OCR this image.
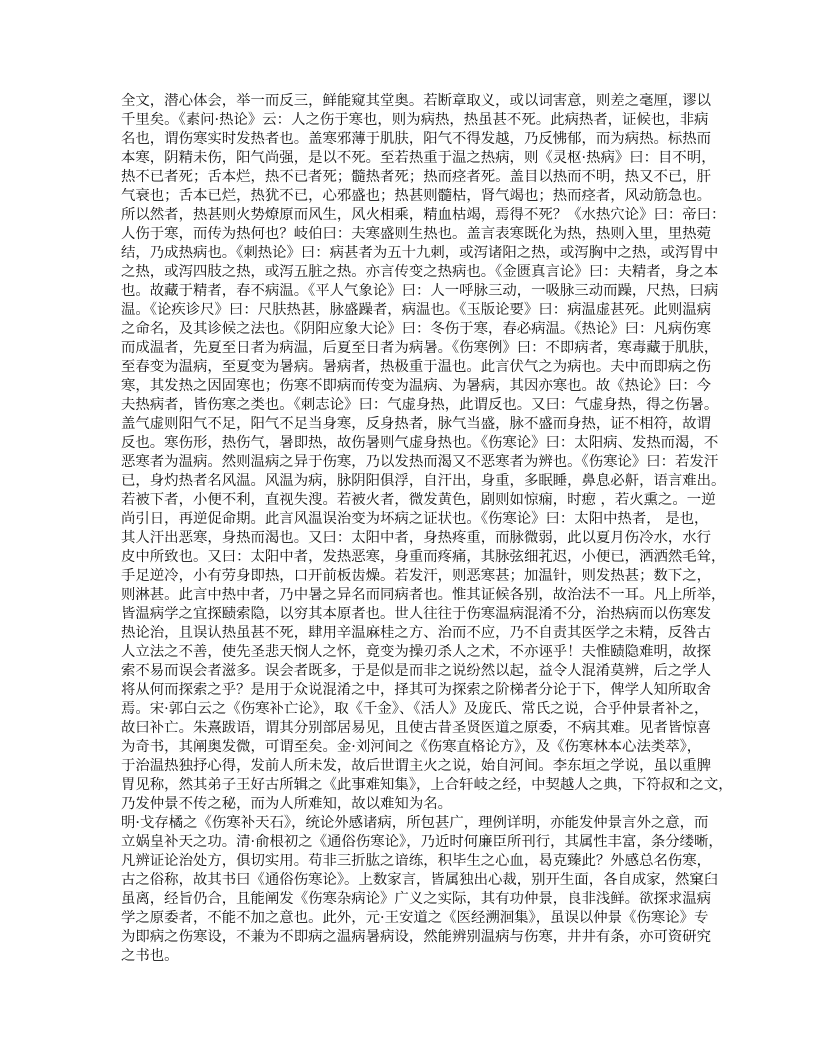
全文，潜心体会，举一而反三，鲜能窥其堂奥。若断章取义，或以词害意，则差之毫厘，谬以
千里矣。《素问·热论》云：人之伤于寒也，则为病热，热虽甚不死。此病热者，证候也，非病
名也，谓伤寒实时发热者也。盖寒邪薄于肌肤，阳气不得发越，乃反怫郁，而为病热。标热而
本寒，阴精未伤，阳气尚强，是以不死。至若热重于温之热病，则《灵枢·热病》曰：目不明，
热不已者死；舌本烂，热不已者死；髓热者死；热而痉者死。盖目以热而不明，热又不已，肝
气衰也；舌本已烂，热犹不已，心邪盛也；热甚则髓枯，肾气竭也；热而痉者，风动筋急也。
所以然者，热甚则火势燎原而风生，风火相乘，精血枯竭，焉得不死？《水热穴论》曰：帝曰：
人伤于寒，而传为热何也？岐伯曰：夫寒盛则生热也。盖言表寒既化为热，热则入里，里热菀
结，乃成热病也。《刺热论》曰：病甚者为五十九刺，或泻诸阳之热，或泻胸中之热，或泻胃中
之热，或泻四肢之热，或泻五脏之热。亦言传变之热病也。《金匮真言论》曰：夫精者，身之本
也。故藏于精者，春不病温。《平人气象论》曰：人一呼脉三动，一吸脉三动而躁，尺热，曰病
温。《论疾诊尺》曰：尺肤热甚，脉盛躁者，病温也。《玉版论要》曰：病温虚甚死。此则温病
之命名，及其诊候之法也。《阴阳应象大论》曰：冬伤于寒，春必病温。《热论》曰：凡病伤寒
而成温者，先夏至日者为病温，后夏至日者为病暑。《伤寒例》曰：不即病者，寒毒藏于肌肤，
至春变为温病，至夏变为暑病。暑病者，热极重于温也。此言伏气之为病也。夫中而即病之伤
寒，其发热之因固寒也；伤寒不即病而传变为温病、为暑病，其因亦寒也。故《热论》曰：今
夫热病者，皆伤寒之类也。《刺志论》曰：气虚身热，此谓反也。又曰：气虚身热，得之伤暑。
盖气虚则阳气不足，阳气不足当身寒，反身热者，脉气当盛，脉不盛而身热，证不相符，故谓
反也。寒伤形，热伤气，暑即热，故伤暑则气虚身热也。《伤寒论》曰：太阳病、发热而渴，不
恶寒者为温病。然则温病之异于伤寒，乃以发热而渴又不恶寒者为辨也。《伤寒论》曰：若发汗
已，身灼热者名风温。风温为病，脉阴阳俱浮，自汗出，身重，多眠睡，鼻息必鼾，语言难出。
若被下者，小便不利，直视失溲。若被火者，微发黄色，剧则如惊痫，时瘛 ，若火熏之。一逆
尚引日，再逆促命期。此言风温误治变为坏病之证状也。《伤寒论》曰：太阳中热者， 是也，
其人汗出恶寒，身热而渴也。又曰：太阳中者，身热疼重，而脉微弱，此以夏月伤冷水，水行
皮中所致也。又曰：太阳中者，发热恶寒，身重而疼痛，其脉弦细芤迟，小便已，洒洒然毛耸，
手足逆冷，小有劳身即热，口开前板齿燥。若发汗，则恶寒甚；加温针，则发热甚；数下之，
则淋甚。此言中热中者，乃中暑之异名而同病者也。惟其证候各别，故治法不一耳。凡上所举，
皆温病学之宜探赜索隐，以穷其本原者也。世人往往于伤寒温病混淆不分，治热病而以伤寒发
热论治，且误认热虽甚不死，肆用辛温麻桂之方、治而不应，乃不自责其医学之未精，反咎古
人立法之不善，使先圣悲天悯人之怀，竟变为操刃杀人之术，不亦诬乎！夫惟赜隐难明，故探
索不易而误会者滋多。误会者既多，于是似是而非之说纷然以起，益令人混淆莫辨，后之学人
将从何而探索之乎？是用于众说混淆之中，择其可为探索之阶梯者分论于下，俾学人知所取舍
焉。宋·郭白云之《伤寒补亡论》，取《千金》、《活人》及庞氏、常氏之说，合乎仲景者补之，
故曰补亡。朱熹跋语，谓其分别部居易见，且使古昔圣贤医道之原委，不病其难。见者皆惊喜
为奇书，其阐奥发微，可谓至矣。金·刘河间之《伤寒直格论方》，及《伤寒林本心法类萃》，
于治温热独抒心得，发前人所未发，故后世谓主火之说，始自河间。李东垣之学说，虽以重脾
胃见称，然其弟子王好古所辑之《此事难知集》，上合轩岐之经，中契越人之典，下符叔和之文，
乃发仲景不传之秘，而为人所难知，故以难知为名。
明·戈存橘之《伤寒补天石》，统论外感诸病，所包甚广，理例详明，亦能发仲景言外之意，而
立娲皇补天之功。清·俞根初之《通俗伤寒论》，乃近时何廉臣所刊行，其属性丰富，条分缕晰，
凡辨证论治处方，俱切实用。苟非三折肱之谙练，积毕生之心血，曷克臻此？外感总名伤寒，
古之俗称，故其书曰《通俗伤寒论》。上数家言，皆属独出心裁，别开生面，各自成家，然窠臼
虽离，经旨仍合，且能阐发《伤寒杂病论》广义之实际，其有功仲景，良非浅鲜。欲探求温病
学之原委者，不能不加之意也。此外，元·王安道之《医经溯洄集》，虽误以仲景《伤寒论》专
为即病之伤寒设，不兼为不即病之温病暑病设，然能辨别温病与伤寒，井井有条，亦可资研究
之书也。
